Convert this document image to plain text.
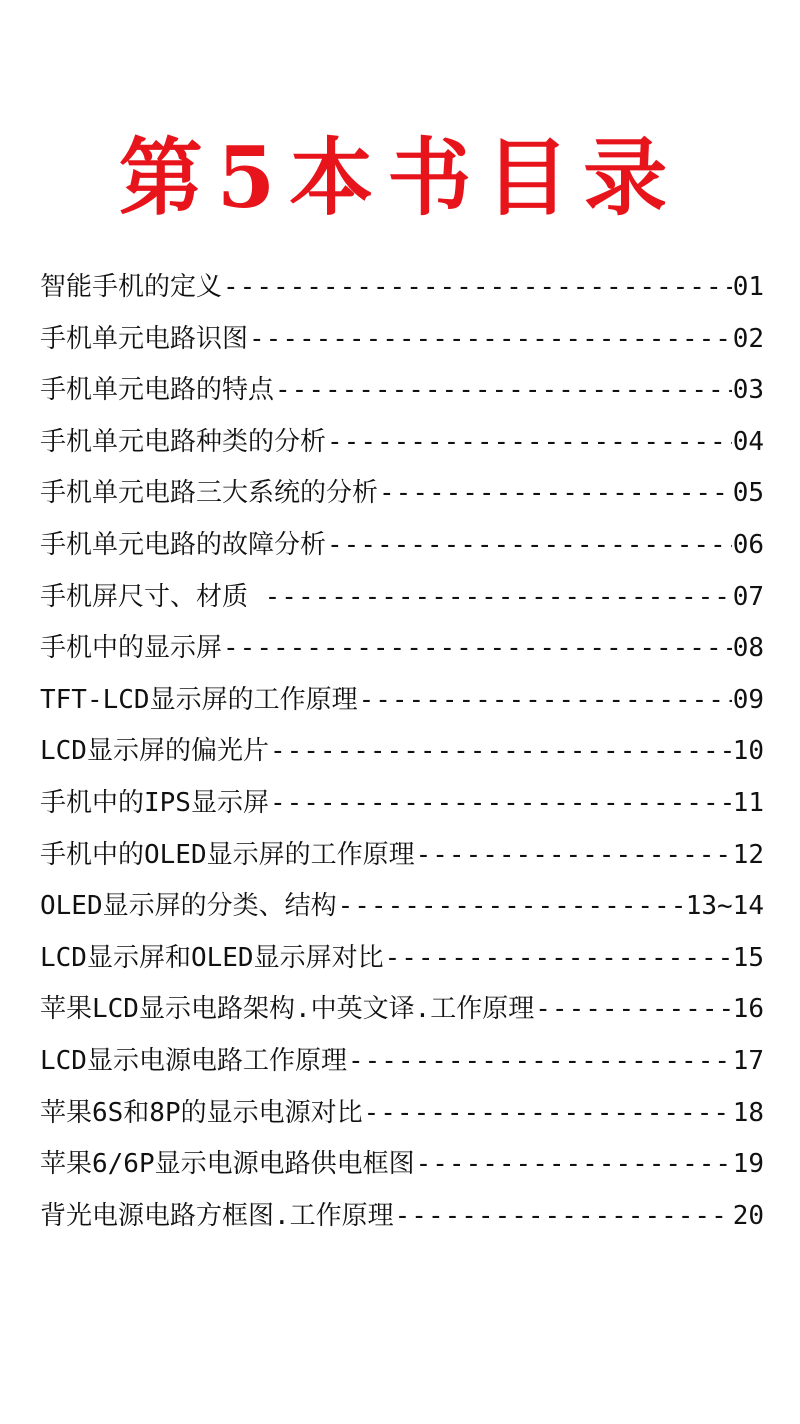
第5本书目录
智能手机的定义 -----	01
手机单元电路识图 -----	02
手机单元电路的特点 -----	03
手机单元电路种类的分析 -----	04
手机单元电路三大系统的分析 -----	05
手机单元电路的故障分析 -----	06
手机屏尺寸、材质 -----	07
手机中的显示屏 -----	08
TFT-LCD显示屏的工作原理 -----	09
LCD显示屏的偏光片 -----	10
手机中的IPS显示屏 -----	11
手机中的OLED显示屏的工作原理 -----	12
OLED显示屏的分类、结构 -----	13~14
LCD显示屏和OLED显示屏对比 -----	15
苹果LCD显示电路架构.中英文译.工作原理 -----	16
LCD显示电源电路工作原理 -----	17
苹果6S和8P的显示电源对比 -----	18
苹果6/6P显示电源电路供电框图 -----	19
背光电源电路方框图.工作原理 -----	20
